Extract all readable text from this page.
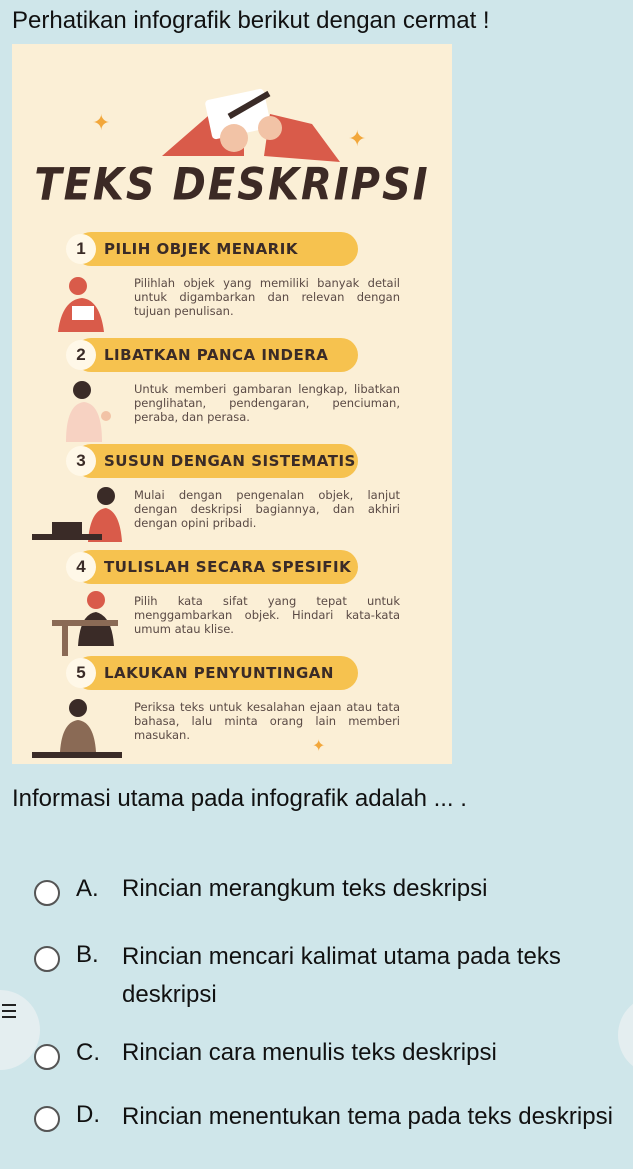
Perhatikan infografik berikut dengan cermat !
✦
✦
TEKS DESKRIPSI
1	PILIH OBJEK MENARIK
Pilihlah objek yang memiliki banyak detail untuk digambarkan dan relevan dengan tujuan penulisan.
2	LIBATKAN PANCA INDERA
Untuk memberi gambaran lengkap, libatkan penglihatan, pendengaran, penciuman, peraba, dan perasa.
3	SUSUN DENGAN SISTEMATIS
Mulai dengan pengenalan objek, lanjut dengan deskripsi bagiannya, dan akhiri dengan opini pribadi.
4	TULISLAH SECARA SPESIFIK
Pilih kata sifat yang tepat untuk menggambarkan objek. Hindari kata-kata umum atau klise.
5	LAKUKAN PENYUNTINGAN
Periksa teks untuk kesalahan ejaan atau tata bahasa, lalu minta orang lain memberi masukan.
✦
Informasi utama pada infografik adalah ... .
A. Rincian merangkum teks deskripsi
B. Rincian mencari kalimat utama pada teks deskripsi
C. Rincian cara menulis teks deskripsi
D. Rincian menentukan tema pada teks deskripsi
